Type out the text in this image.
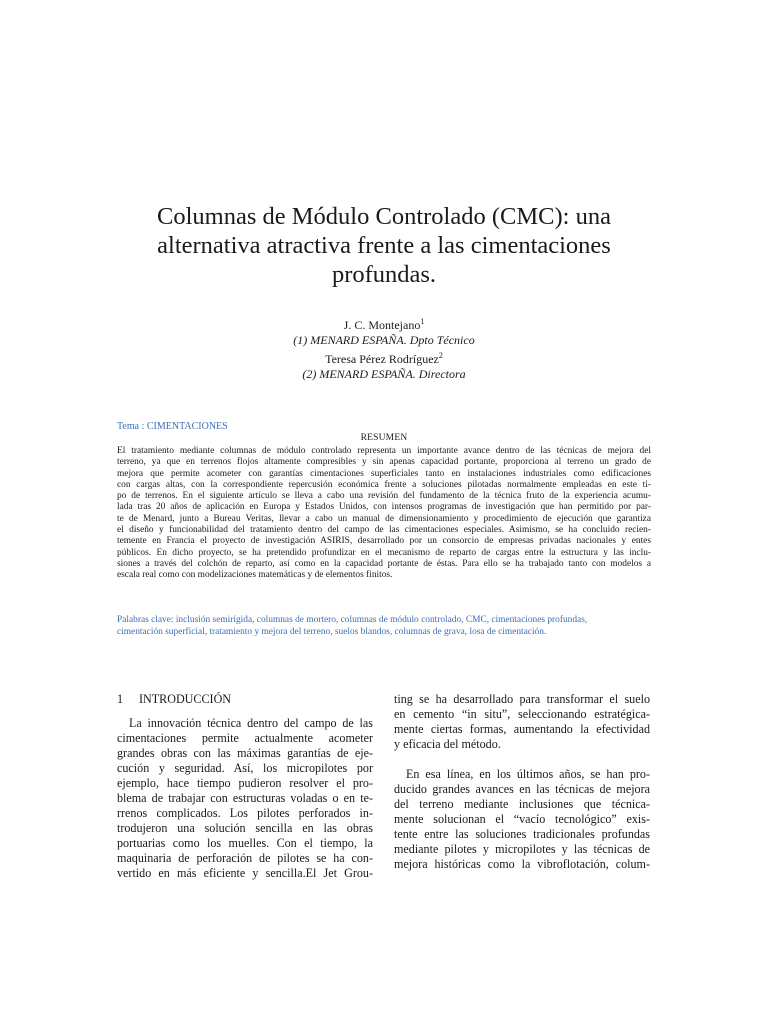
Columnas de Módulo Controlado (CMC): una
alternativa atractiva frente a las cimentaciones
profundas.
J. C. Montejano$^1$
(1) MENARD ESPAÑA. Dpto Técnico
Teresa Pérez Rodríguez$^2$
(2) MENARD ESPAÑA. Directora
Tema : CIMENTACIONES
RESUMEN
El tratamiento mediante columnas de módulo controlado representa un importante avance dentro de las técnicas de mejora del
terreno, ya que en terrenos flojos altamente compresibles y sin apenas capacidad portante, proporciona al terreno un grado de
mejora que permite acometer con garantías cimentaciones superficiales tanto en instalaciones industriales como edificaciones
con cargas altas, con la correspondiente repercusión económica frente a soluciones pilotadas normalmente empleadas en este ti-
po de terrenos. En el siguiente artículo se lleva a cabo una revisión del fundamento de la técnica fruto de la experiencia acumu-
lada tras 20 años de aplicación en Europa y Estados Unidos, con intensos programas de investigación que han permitido por par-
te de Menard, junto a Bureau Veritas, llevar a cabo un manual de dimensionamiento y procedimiento de ejecución que garantiza
el diseño y funcionabilidad del tratamiento dentro del campo de las cimentaciones especiales. Asimismo, se ha concluido recien-
temente en Francia el proyecto de investigación ASIRIS, desarrollado por un consorcio de empresas privadas nacionales y entes
públicos. En dicho proyecto, se ha pretendido profundizar en el mecanismo de reparto de cargas entre la estructura y las inclu-
siones a través del colchón de reparto, así como en la capacidad portante de éstas. Para ello se ha trabajado tanto con modelos a
escala real como con modelizaciones matemáticas y de elementos finitos.
Palabras clave: inclusión semirígida, columnas de mortero, columnas de módulo controlado, CMC, cimentaciones profundas,
cimentación superficial, tratamiento y mejora del terreno, suelos blandos, columnas de grava, losa de cimentación.
1 INTRODUCCIÓN
La innovación técnica dentro del campo de las
cimentaciones permite actualmente acometer
grandes obras con las máximas garantías de eje-
cución y seguridad. Así, los micropilotes por
ejemplo, hace tiempo pudieron resolver el pro-
blema de trabajar con estructuras voladas o en te-
rrenos complicados. Los pilotes perforados in-
trodujeron una solución sencilla en las obras
portuarias como los muelles. Con el tiempo, la
maquinaria de perforación de pilotes se ha con-
vertido en más eficiente y sencilla.El Jet Grou-
ting se ha desarrollado para transformar el suelo
en cemento “in situ”, seleccionando estratégica-
mente ciertas formas, aumentando la efectividad
y eficacia del método.
En esa línea, en los últimos años, se han pro-
ducido grandes avances en las técnicas de mejora
del terreno mediante inclusiones que técnica-
mente solucionan el “vacío tecnológico” exis-
tente entre las soluciones tradicionales profundas
mediante pilotes y micropilotes y las técnicas de
mejora históricas como la vibroflotación, colum-
